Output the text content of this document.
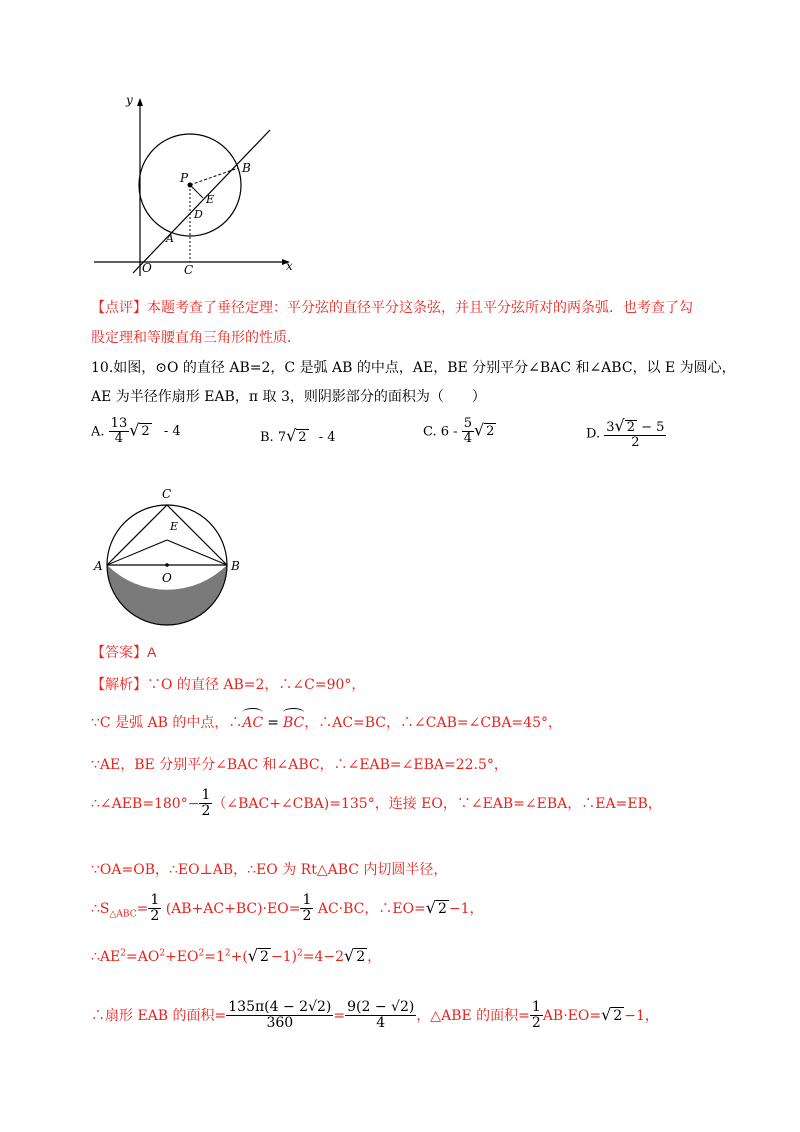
y
x
O	C
P
B
E
D
A
【点评】本题考查了垂径定理：平分弦的直径平分这条弦，并且平分弦所对的两条弧．也考查了勾
股定理和等腰直角三角形的性质．
10.如图，⊙O 的直径 AB=2，C 是弧 AB 的中点，AE，BE 分别平分∠BAC 和∠ABC，以 E 为圆心，
AE 为半径作扇形 EAB，π 取 3，则阴影部分的面积为（　　）
A. $\frac{13}{4}$ √ 2 - 4	B. 7√ 2 - 4	C. $6 - \frac{5}{4}$ √ 2	D. $\frac{3√ 2 - 5}{2}$
C
E
A
O
B
【答案】A
【解析】∵O 的直径 AB=2，∴∠C=90°，
∵C 是弧 AB 的中点，∴
AC = BC，∴AC=BC，∴∠CAB=∠CBA=45°，
∵AE，BE 分别平分∠BAC 和∠ABC，∴∠EAB=∠EBA=22.5°，
∴∠AEB=180°− $\frac{1}{2}$ （∠BAC+∠CBA)=135°，连接 EO，∵∠EAB=∠EBA，∴EA=EB，
∵OA=OB，∴EO⊥AB，∴EO 为 Rt△ABC 内切圆半径，
$\therefore S_{\triangle ABC}= \frac{1}{2} (AB+AC+BC)\cdot EO= \frac{1}{2} AC\cdot BC$，∴EO=√ 2 −1，
$\therefore AE^2=AO^2+EO^2=1^2+(√$ 2 −1)$^2$=4−2√ 2 ，
∴扇形 EAB 的面积= $\frac{135\pi(4 - 2√2)}{360} = \frac{9(2 - √2)}{4}$ ，△ABE 的面积= $\frac{1}{2} AB\cdot EO=√$ 2 −1，
